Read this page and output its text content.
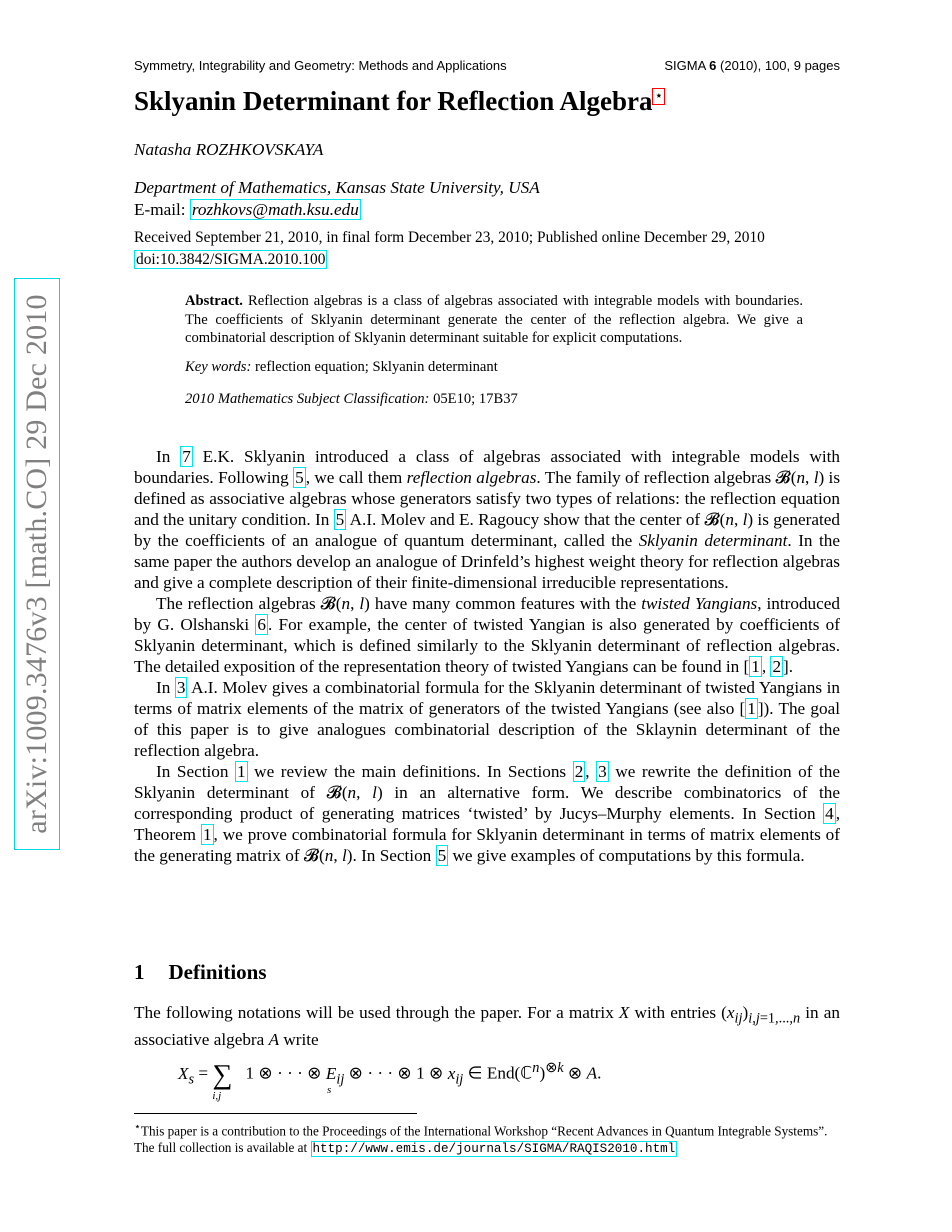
arXiv:1009.3476v3 [math.CO] 29 Dec 2010
Symmetry, Integrability and Geometry: Methods and Applications	SIGMA 6 (2010), 100, 9 pages
Sklyanin Determinant for Reflection Algebra ⋆
Natasha ROZHKOVSKAYA
Department of Mathematics, Kansas State University, USA
E-mail: rozhkovs@math.ksu.edu
Received September 21, 2010, in final form December 23, 2010; Published online December 29, 2010
doi:10.3842/SIGMA.2010.100
Abstract. Reflection algebras is a class of algebras associated with integrable models with boundaries. The coefficients of Sklyanin determinant generate the center of the reflection algebra. We give a combinatorial description of Sklyanin determinant suitable for explicit computations.
Key words: reflection equation; Sklyanin determinant
2010 Mathematics Subject Classification: 05E10; 17B37

In 7 E.K. Sklyanin introduced a class of algebras associated with integrable models with boundaries. Following 5 , we call them reflection algebras. The family of reflection algebras 𝓑(n, l) is defined as associative algebras whose generators satisfy two types of relations: the reflection equation and the unitary condition. In 5 A.I. Molev and E. Ragoucy show that the center of 𝓑(n, l) is generated by the coefficients of an analogue of quantum determinant, called the Sklyanin determinant. In the same paper the authors develop an analogue of Drinfeld’s highest weight theory for reflection algebras and give a complete description of their finite-dimensional irreducible representations.

The reflection algebras 𝓑(n, l) have many common features with the twisted Yangians, introduced by G. Olshanski 6 . For example, the center of twisted Yangian is also generated by coefficients of Sklyanin determinant, which is defined similarly to the Sklyanin determinant of reflection algebras. The detailed exposition of the representation theory of twisted Yangians can be found in [ 1 , 2 ].

In 3 A.I. Molev gives a combinatorial formula for the Sklyanin determinant of twisted Yangians in terms of matrix elements of the matrix of generators of the twisted Yangians (see also [ 1 ]). The goal of this paper is to give analogues combinatorial description of the Sklaynin determinant of the reflection algebra.

In Section 1 we review the main definitions. In Sections 2 , 3 we rewrite the definition of the Sklyanin determinant of 𝓑(n, l) in an alternative form. We describe combinatorics of the corresponding product of generating matrices ‘twisted’ by Jucys–Murphy elements. In Section 4 , Theorem 1 , we prove combinatorial formula for Sklyanin determinant in terms of matrix elements of the generating matrix of 𝓑(n, l). In Section 5 we give examples of computations by this formula.

1 Definitions

The following notations will be used through the paper. For a matrix X with entries $(x_{ij})_{i,j=1,...,n}$ in an associative algebra A write

$X_s = \sum_{i,j}$ 1 ⊗ · · · ⊗ $E_{ij}$ ⊗ · · · ⊗ 1 ⊗ $x_{ij}$ ∈ End(ℂ$^n$)$^{\otimes k}$ ⊗ A.
s
⋆This paper is a contribution to the Proceedings of the International Workshop “Recent Advances in Quantum Integrable Systems”. The full collection is available at http://www.emis.de/journals/SIGMA/RAQIS2010.html
